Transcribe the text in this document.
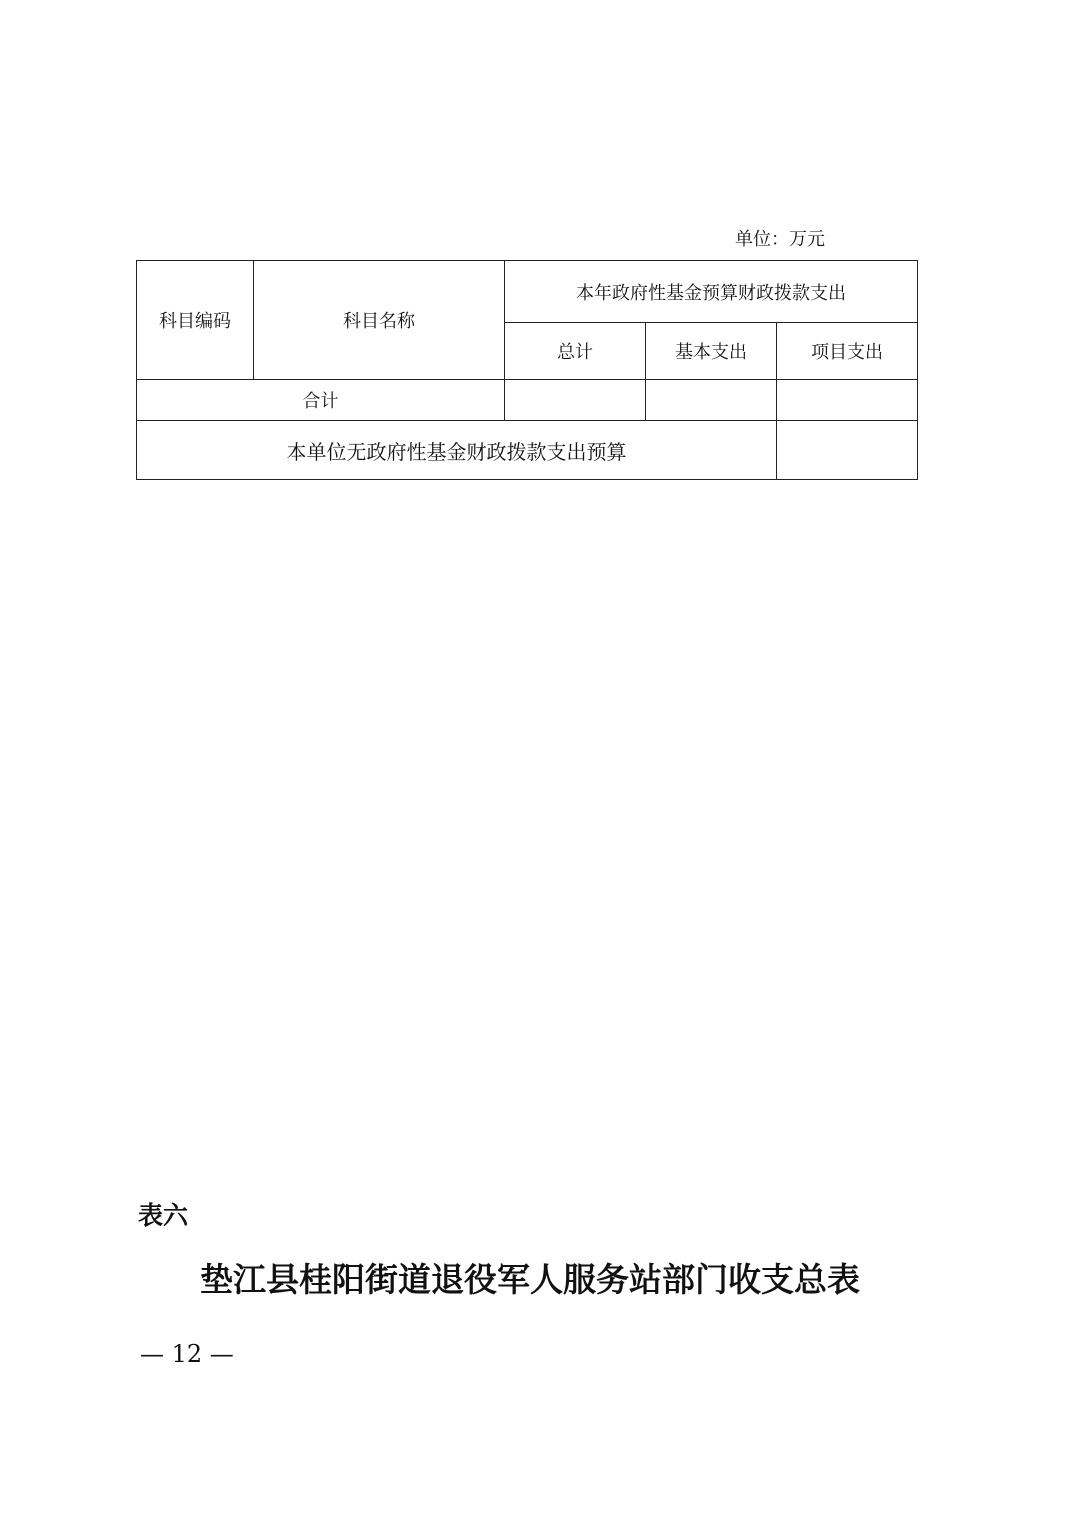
单位：万元
科目编码	科目名称	本年政府性基金预算财政拨款支出		
		总计	基本支出	项目支出
合计				
本单位无政府性基金财政拨款支出预算				
表六
垫江县桂阳街道退役军人服务站部门收支总表
— 12 —
